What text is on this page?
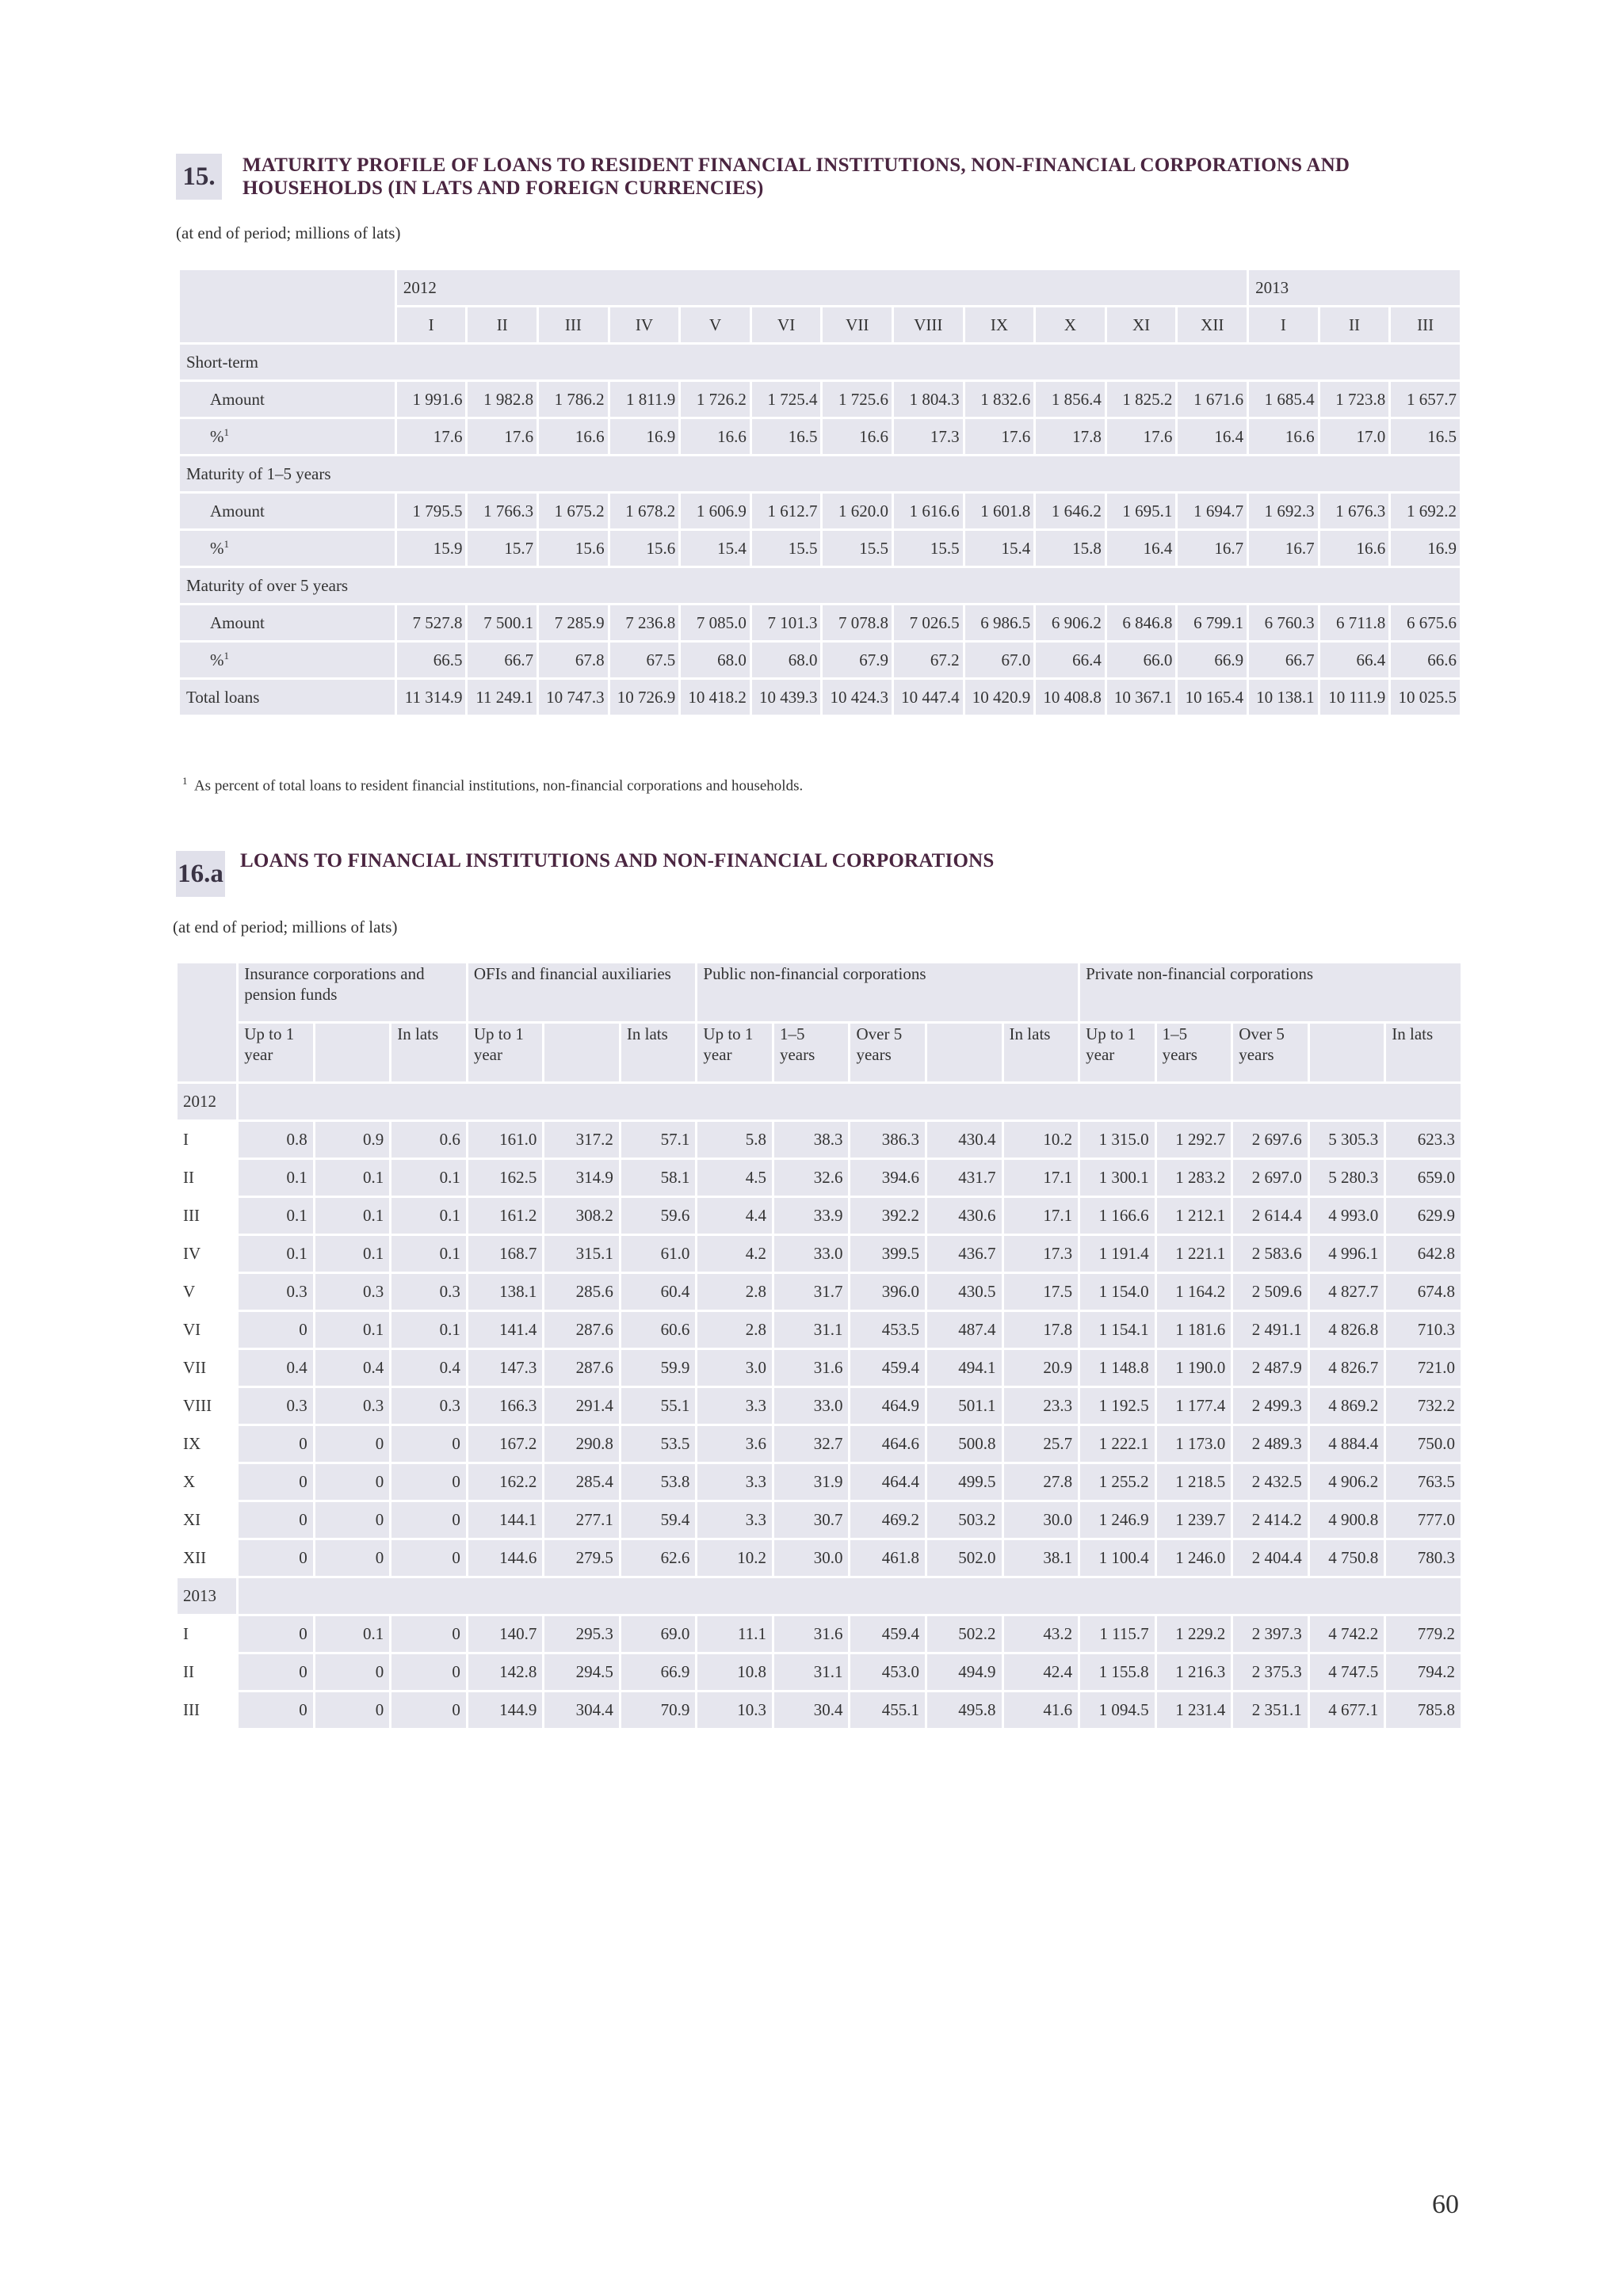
15.	MATURITY PROFILE OF LOANS TO RESIDENT FINANCIAL INSTITUTIONS, NON-FINANCIAL CORPORATIONS AND
HOUSEHOLDS (IN LATS AND FOREIGN CURRENCIES)
(at end of period; millions of lats)
	2012												2013		
	I	II	III	IV	V	VI	VII	VIII	IX	X	XI	XII	I	II	III
Short-term															
Amount	1 991.6	1 982.8	1 786.2	1 811.9	1 726.2	1 725.4	1 725.6	1 804.3	1 832.6	1 856.4	1 825.2	1 671.6	1 685.4	1 723.8	1 657.7
%$^1$	17.6	17.6	16.6	16.9	16.6	16.5	16.6	17.3	17.6	17.8	17.6	16.4	16.6	17.0	16.5
Maturity of 1–5 years															
Amount	1 795.5	1 766.3	1 675.2	1 678.2	1 606.9	1 612.7	1 620.0	1 616.6	1 601.8	1 646.2	1 695.1	1 694.7	1 692.3	1 676.3	1 692.2
%$^1$	15.9	15.7	15.6	15.6	15.4	15.5	15.5	15.5	15.4	15.8	16.4	16.7	16.7	16.6	16.9
Maturity of over 5 years															
Amount	7 527.8	7 500.1	7 285.9	7 236.8	7 085.0	7 101.3	7 078.8	7 026.5	6 986.5	6 906.2	6 846.8	6 799.1	6 760.3	6 711.8	6 675.6
%$^1$	66.5	66.7	67.8	67.5	68.0	68.0	67.9	67.2	67.0	66.4	66.0	66.9	66.7	66.4	66.6
Total loans	11 314.9	11 249.1	10 747.3	10 726.9	10 418.2	10 439.3	10 424.3	10 447.4	10 420.9	10 408.8	10 367.1	10 165.4	10 138.1	10 111.9	10 025.5
$^1$ As percent of total loans to resident financial institutions, non-financial corporations and households.
16.a LOANS TO FINANCIAL INSTITUTIONS AND NON-FINANCIAL CORPORATIONS
(at end of period; millions of lats)
	Insurance corporations and pension funds			OFIs and financial auxiliaries			Public non-financial corporations					Private non-financial corporations				
	Up to 1 year		In lats	Up to 1 year		In lats	Up to 1 year	1–5 years	Over 5 years		In lats	Up to 1 year	1–5 years	Over 5 years		In lats
2012																
I	0.8	0.9	0.6	161.0	317.2	57.1	5.8	38.3	386.3	430.4	10.2	1 315.0	1 292.7	2 697.6	5 305.3	623.3
II	0.1	0.1	0.1	162.5	314.9	58.1	4.5	32.6	394.6	431.7	17.1	1 300.1	1 283.2	2 697.0	5 280.3	659.0
III	0.1	0.1	0.1	161.2	308.2	59.6	4.4	33.9	392.2	430.6	17.1	1 166.6	1 212.1	2 614.4	4 993.0	629.9
IV	0.1	0.1	0.1	168.7	315.1	61.0	4.2	33.0	399.5	436.7	17.3	1 191.4	1 221.1	2 583.6	4 996.1	642.8
V	0.3	0.3	0.3	138.1	285.6	60.4	2.8	31.7	396.0	430.5	17.5	1 154.0	1 164.2	2 509.6	4 827.7	674.8
VI	0	0.1	0.1	141.4	287.6	60.6	2.8	31.1	453.5	487.4	17.8	1 154.1	1 181.6	2 491.1	4 826.8	710.3
VII	0.4	0.4	0.4	147.3	287.6	59.9	3.0	31.6	459.4	494.1	20.9	1 148.8	1 190.0	2 487.9	4 826.7	721.0
VIII	0.3	0.3	0.3	166.3	291.4	55.1	3.3	33.0	464.9	501.1	23.3	1 192.5	1 177.4	2 499.3	4 869.2	732.2
IX	0	0	0	167.2	290.8	53.5	3.6	32.7	464.6	500.8	25.7	1 222.1	1 173.0	2 489.3	4 884.4	750.0
X	0	0	0	162.2	285.4	53.8	3.3	31.9	464.4	499.5	27.8	1 255.2	1 218.5	2 432.5	4 906.2	763.5
XI	0	0	0	144.1	277.1	59.4	3.3	30.7	469.2	503.2	30.0	1 246.9	1 239.7	2 414.2	4 900.8	777.0
XII	0	0	0	144.6	279.5	62.6	10.2	30.0	461.8	502.0	38.1	1 100.4	1 246.0	2 404.4	4 750.8	780.3
2013																
I	0	0.1	0	140.7	295.3	69.0	11.1	31.6	459.4	502.2	43.2	1 115.7	1 229.2	2 397.3	4 742.2	779.2
II	0	0	0	142.8	294.5	66.9	10.8	31.1	453.0	494.9	42.4	1 155.8	1 216.3	2 375.3	4 747.5	794.2
III	0	0	0	144.9	304.4	70.9	10.3	30.4	455.1	495.8	41.6	1 094.5	1 231.4	2 351.1	4 677.1	785.8
60
